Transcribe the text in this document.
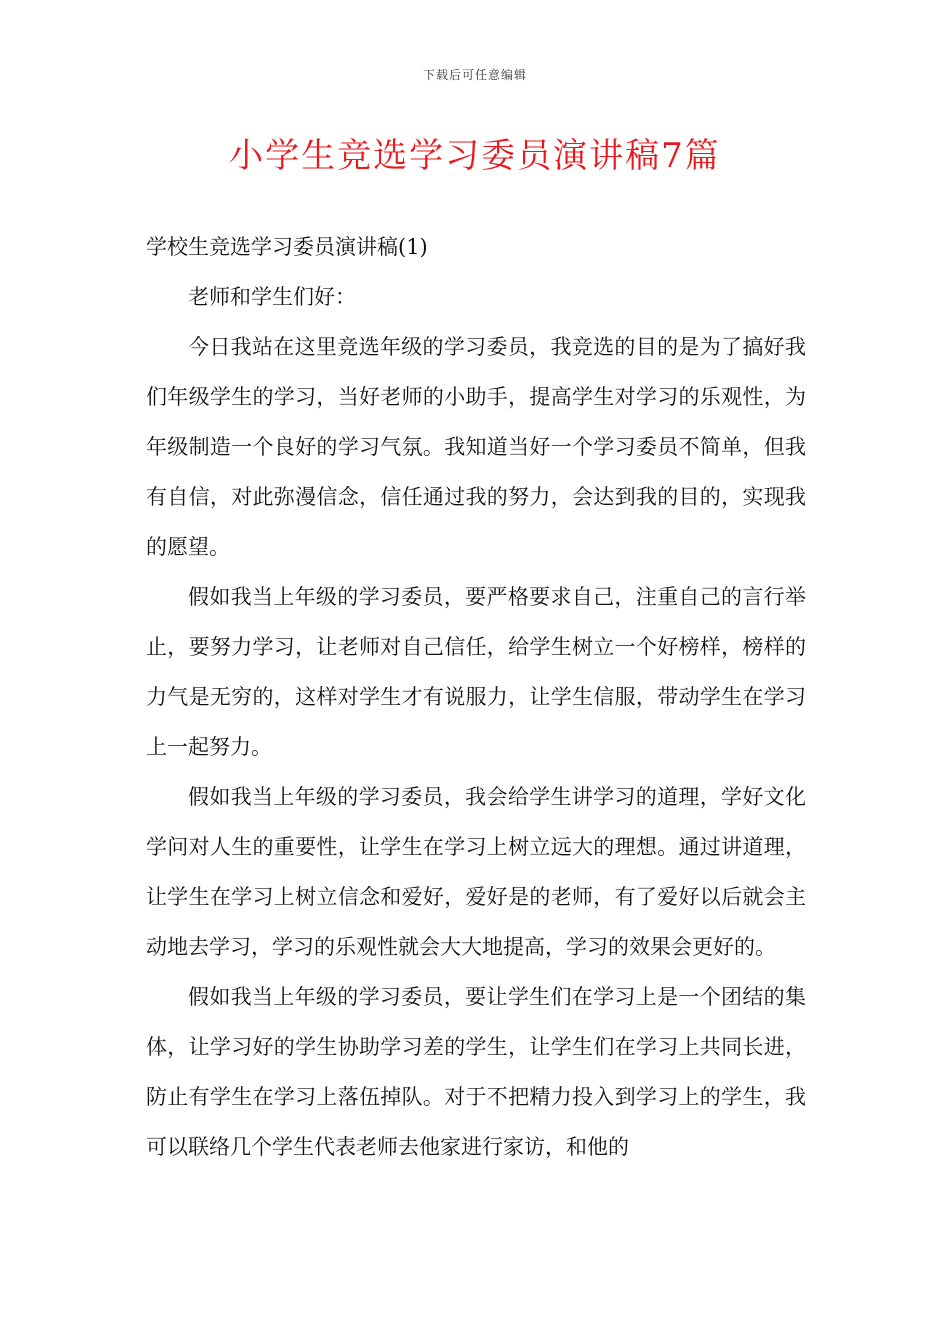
下载后可任意编辑
小学生竞选学习委员演讲稿7篇

学校生竞选学习委员演讲稿(1)

老师和学生们好：

今日我站在这里竞选年级的学习委员，我竞选的目的是为了搞好我们年级学生的学习，当好老师的小助手，提高学生对学习的乐观性，为年级制造一个良好的学习气氛。我知道当好一个学习委员不简单，但我有自信，对此弥漫信念，信任通过我的努力，会达到我的目的，实现我的愿望。

假如我当上年级的学习委员，要严格要求自己，注重自己的言行举止，要努力学习，让老师对自己信任，给学生树立一个好榜样，榜样的力气是无穷的，这样对学生才有说服力，让学生信服，带动学生在学习上一起努力。

假如我当上年级的学习委员，我会给学生讲学习的道理，学好文化学问对人生的重要性，让学生在学习上树立远大的理想。通过讲道理，让学生在学习上树立信念和爱好，爱好是的老师，有了爱好以后就会主动地去学习，学习的乐观性就会大大地提高，学习的效果会更好的。

假如我当上年级的学习委员，要让学生们在学习上是一个团结的集体，让学习好的学生协助学习差的学生，让学生们在学习上共同长进，防止有学生在学习上落伍掉队。对于不把精力投入到学习上的学生，我可以联络几个学生代表老师去他家进行家访，和他的
